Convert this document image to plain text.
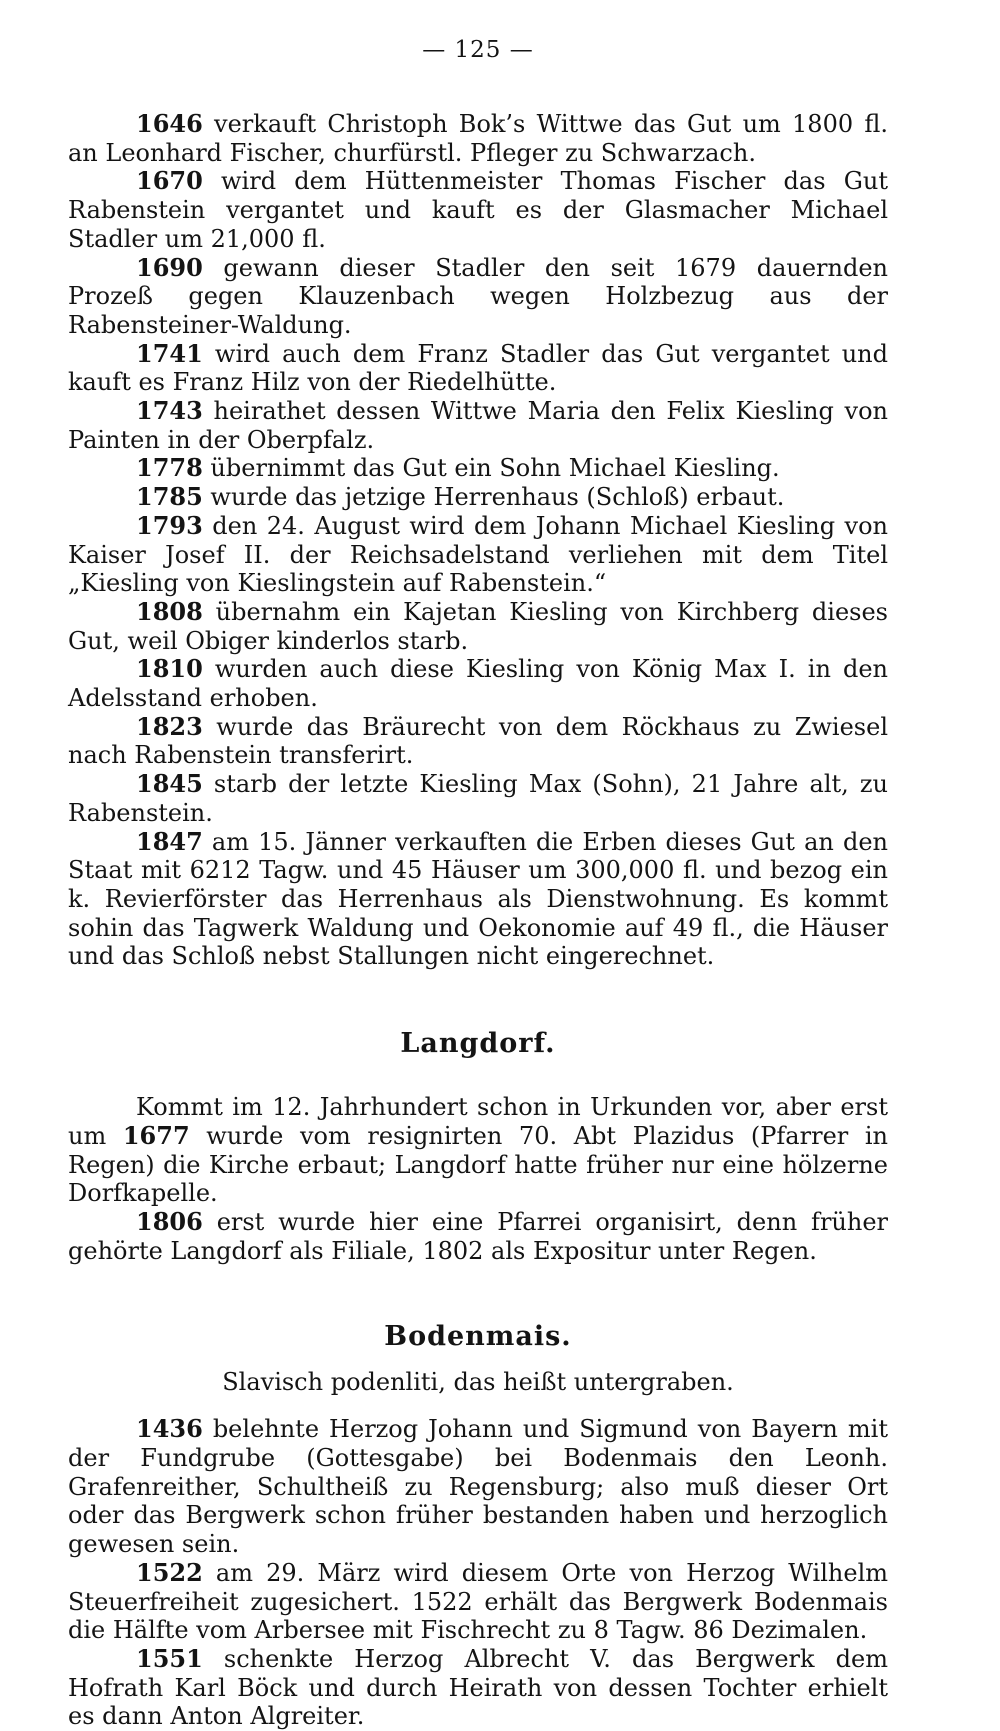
— 125 —

1646 verkauft Christoph Bok’s Wittwe das Gut um 1800 fl. an Leonhard Fischer, churfürstl. Pfleger zu Schwarzach.

1670 wird dem Hüttenmeister Thomas Fischer das Gut Rabenstein vergantet und kauft es der Glasmacher Michael Stadler um 21,000 fl.

1690 gewann dieser Stadler den seit 1679 dauernden Prozeß gegen Klauzenbach wegen Holzbezug aus der Rabensteiner-Waldung.

1741 wird auch dem Franz Stadler das Gut vergantet und kauft es Franz Hilz von der Riedelhütte.

1743 heirathet dessen Wittwe Maria den Felix Kiesling von Painten in der Oberpfalz.

1778 übernimmt das Gut ein Sohn Michael Kiesling.

1785 wurde das jetzige Herrenhaus (Schloß) erbaut.

1793 den 24. August wird dem Johann Michael Kiesling von Kaiser Josef II. der Reichsadelstand verliehen mit dem Titel „Kiesling von Kieslingstein auf Rabenstein.“

1808 übernahm ein Kajetan Kiesling von Kirchberg dieses Gut, weil Obiger kinderlos starb.

1810 wurden auch diese Kiesling von König Max I. in den Adelsstand erhoben.

1823 wurde das Bräurecht von dem Röckhaus zu Zwiesel nach Rabenstein transferirt.

1845 starb der letzte Kiesling Max (Sohn), 21 Jahre alt, zu Rabenstein.

1847 am 15. Jänner verkauften die Erben dieses Gut an den Staat mit 6212 Tagw. und 45 Häuser um 300,000 fl. und bezog ein k. Revierförster das Herrenhaus als Dienstwohnung. Es kommt sohin das Tagwerk Waldung und Oekonomie auf 49 fl., die Häuser und das Schloß nebst Stallungen nicht eingerechnet.

Langdorf.

Kommt im 12. Jahrhundert schon in Urkunden vor, aber erst um 1677 wurde vom resignirten 70. Abt Plazidus (Pfarrer in Regen) die Kirche erbaut; Langdorf hatte früher nur eine hölzerne Dorfkapelle.

1806 erst wurde hier eine Pfarrei organisirt, denn früher gehörte Langdorf als Filiale, 1802 als Expositur unter Regen.

Bodenmais.
Slavisch podenliti, das heißt untergraben.

1436 belehnte Herzog Johann und Sigmund von Bayern mit der Fundgrube (Gottesgabe) bei Bodenmais den Leonh. Grafenreither, Schultheiß zu Regensburg; also muß dieser Ort oder das Bergwerk schon früher bestanden haben und herzoglich gewesen sein.

1522 am 29. März wird diesem Orte von Herzog Wilhelm Steuerfreiheit zugesichert. 1522 erhält das Bergwerk Bodenmais die Hälfte vom Arbersee mit Fischrecht zu 8 Tagw. 86 Dezimalen.

1551 schenkte Herzog Albrecht V. das Bergwerk dem Hofrath Karl Böck und durch Heirath von dessen Tochter erhielt es dann Anton Algreiter.
